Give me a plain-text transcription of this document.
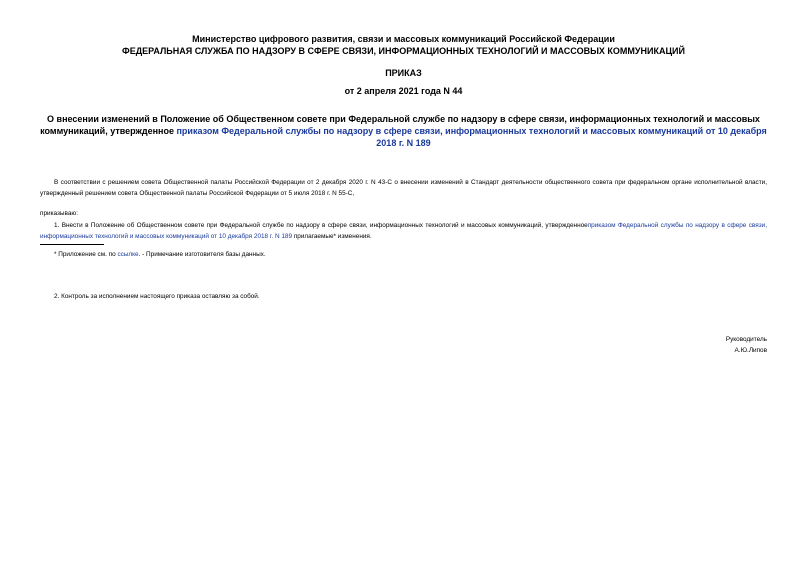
Министерство цифрового развития, связи и массовых коммуникаций Российской Федерации
ФЕДЕРАЛЬНАЯ СЛУЖБА ПО НАДЗОРУ В СФЕРЕ СВЯЗИ, ИНФОРМАЦИОННЫХ ТЕХНОЛОГИЙ И МАССОВЫХ КОММУНИКАЦИЙ
ПРИКАЗ
от 2 апреля 2021 года N 44
О внесении изменений в Положение об Общественном совете при Федеральной службе по надзору в сфере связи, информационных технологий и массовых коммуникаций, утвержденное приказом Федеральной службы по надзору в сфере связи, информационных технологий и массовых коммуникаций от 10 декабря 2018 г. N 189
В соответствии с решением совета Общественной палаты Российской Федерации от 2 декабря 2020 г. N 43-С о внесении изменений в Стандарт деятельности общественного совета при федеральном органе исполнительной власти, утвержденный решением совета Общественной палаты Российской Федерации от 5 июля 2018 г. N 55-С,
приказываю:
1. Внести в Положение об Общественном совете при Федеральной службе по надзору в сфере связи, информационных технологий и массовых коммуникаций, утвержденноеприказом Федеральной службы по надзору в сфере связи, информационных технологий и массовых коммуникаций от 10 декабря 2018 г. N 189 прилагаемые* изменения.
* Приложение см. по ссылке. - Примечание изготовителя базы данных.
2. Контроль за исполнением настоящего приказа оставляю за собой.
Руководитель
А.Ю.Липов
